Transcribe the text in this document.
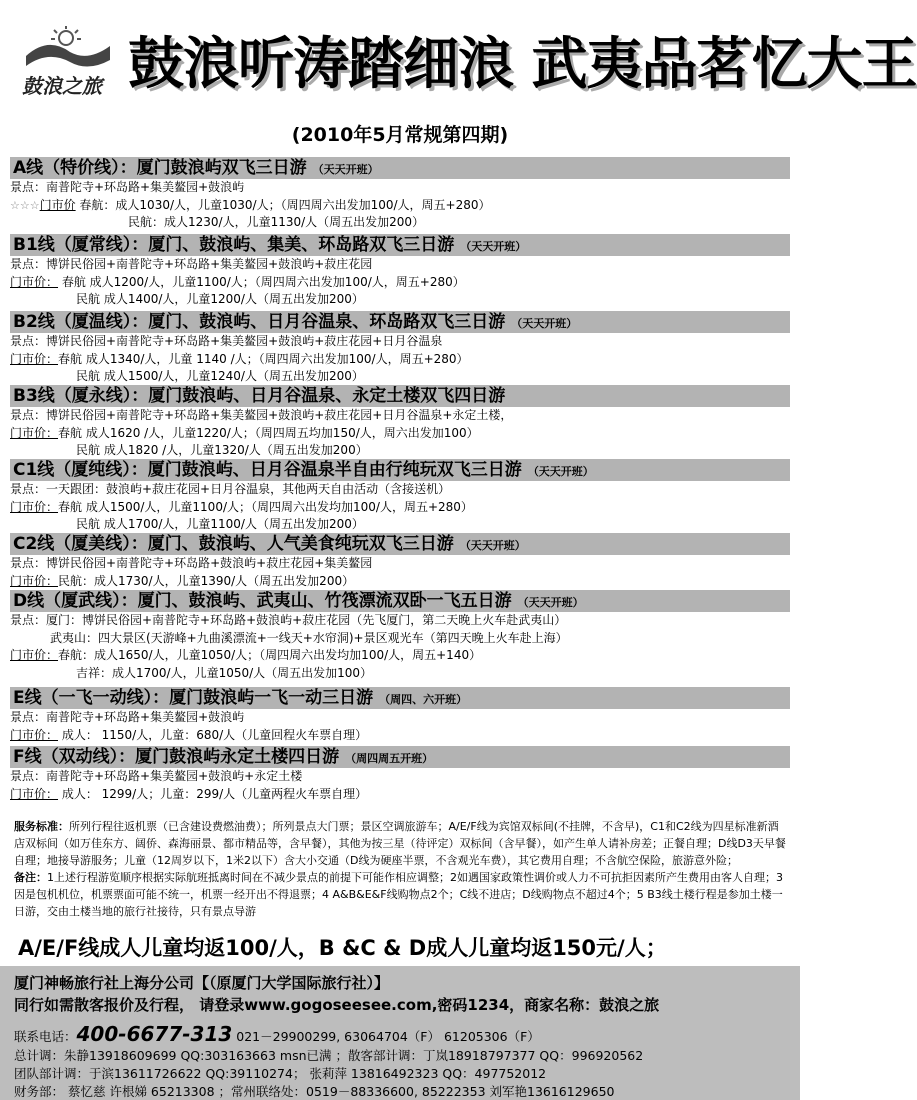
鼓浪之旅 鼓浪听涛踏细浪 武夷品茗忆大王
(2010年5月常规第四期)
A线（特价线）：厦门鼓浪屿双飞三日游 （天天开班）
景点：南普陀寺+环岛路+集美鳌园+鼓浪屿
☆☆☆门市价 春航：成人1030/人，儿童1030/人；（周四周六出发加100/人，周五+280）
民航：成人1230/人，儿童1130/人（周五出发加200）
B1线（厦常线）：厦门、鼓浪屿、集美、环岛路双飞三日游 （天天开班）
景点：博饼民俗园+南普陀寺+环岛路+集美鳌园+鼓浪屿+菽庄花园
门市价： 春航 成人1200/人，儿童1100/人；（周四周六出发加100/人，周五+280）
民航 成人1400/人，儿童1200/人（周五出发加200）
B2线（厦温线）：厦门、鼓浪屿、日月谷温泉、环岛路双飞三日游 （天天开班）
景点：博饼民俗园+南普陀寺+环岛路+集美鳌园+鼓浪屿+菽庄花园+日月谷温泉
门市价：春航 成人1340/人，儿童 1140 /人；（周四周六出发加100/人，周五+280）
民航 成人1500/人，儿童1240/人（周五出发加200）
B3线（厦永线）：厦门鼓浪屿、日月谷温泉、永定土楼双飞四日游
景点：博饼民俗园+南普陀寺+环岛路+集美鳌园+鼓浪屿+菽庄花园+日月谷温泉+永定土楼，
门市价：春航 成人1620 /人，儿童1220/人；（周四周五均加150/人，周六出发加100）
民航 成人1820 /人，儿童1320/人（周五出发加200）
C1线（厦纯线）：厦门鼓浪屿、日月谷温泉半自由行纯玩双飞三日游 （天天开班）
景点：一天跟团：鼓浪屿+菽庄花园+日月谷温泉，其他两天自由活动（含接送机）
门市价：春航 成人1500/人，儿童1100/人；（周四周六出发均加100/人，周五+280）
民航 成人1700/人，儿童1100/人（周五出发加200）
C2线（厦美线）：厦门、鼓浪屿、人气美食纯玩双飞三日游 （天天开班）
景点：博饼民俗园+南普陀寺+环岛路+鼓浪屿+菽庄花园+集美鳌园
门市价：民航：成人1730/人，儿童1390/人（周五出发加200）
D线（厦武线）：厦门、鼓浪屿、武夷山、竹筏漂流双卧一飞五日游 （天天开班）
景点：厦门：博饼民俗园+南普陀寺+环岛路+鼓浪屿+菽庄花园（先飞厦门，第二天晚上火车赴武夷山）
武夷山：四大景区(天游峰+九曲溪漂流+一线天+水帘洞)+景区观光车（第四天晚上火车赴上海）
门市价：春航：成人1650/人，儿童1050/人；（周四周六出发均加100/人，周五+140）
吉祥：成人1700/人，儿童1050/人（周五出发加100）
E线（一飞一动线）：厦门鼓浪屿一飞一动三日游 （周四、六开班）
景点：南普陀寺+环岛路+集美鳌园+鼓浪屿
门市价： 成人： 1150/人，儿童：680/人（儿童回程火车票自理）
F线（双动线）：厦门鼓浪屿永定土楼四日游 （周四周五开班）
景点：南普陀寺+环岛路+集美鳌园+鼓浪屿+永定土楼
门市价： 成人： 1299/人；儿童：299/人（儿童两程火车票自理）
服务标准：所列行程往返机票（已含建设费燃油费）；所列景点大门票；景区空调旅游车；A/E/F线为宾馆双标间(不挂牌，不含早)，C1和C2线为四星标准新酒店双标间（如万佳东方、阔侨、森海丽景、都市精品等，含早餐），其他为按三星（待评定）双标间（含早餐），如产生单人请补房差；正餐自理；D线D3天早餐自理；地接导游服务；儿童（12周岁以下，1米2以下）含大小交通（D线为硬座半票，不含观光车费），其它费用自理；不含航空保险，旅游意外险；
备注：1上述行程游览顺序根据实际航班抵离时间在不减少景点的前提下可能作相应调整；2如遇国家政策性调价或人力不可抗拒因素所产生费用由客人自理；3因是包机机位，机票票面可能不统一，机票一经开出不得退票；4 A&B&E&F线购物点2个；C线不进店；D线购物点不超过4个；5 B3线土楼行程是参加土楼一日游，交由土楼当地的旅行社接待，只有景点导游
A/E/F线成人儿童均返100/人，B &C & D成人儿童均返150元/人；
厦门神畅旅行社上海分公司【（原厦门大学国际旅行社）】
同行如需散客报价及行程， 请登录www.gogoseesee.com,密码1234，商家名称：鼓浪之旅
联系电话：400-6677-313 021－29900299, 63064704（F） 61205306（F）
总计调：朱静13918609699 QQ:303163663 msn已满 ；散客部计调：丁岚18918797377 QQ：996920562
团队部计调：于滨13611726622 QQ:39110274； 张莉萍 13816492323 QQ：497752012
财务部： 蔡忆慈 许根娣 65213308 ；常州联络处：0519－88336600, 85222353 刘军艳13616129650
